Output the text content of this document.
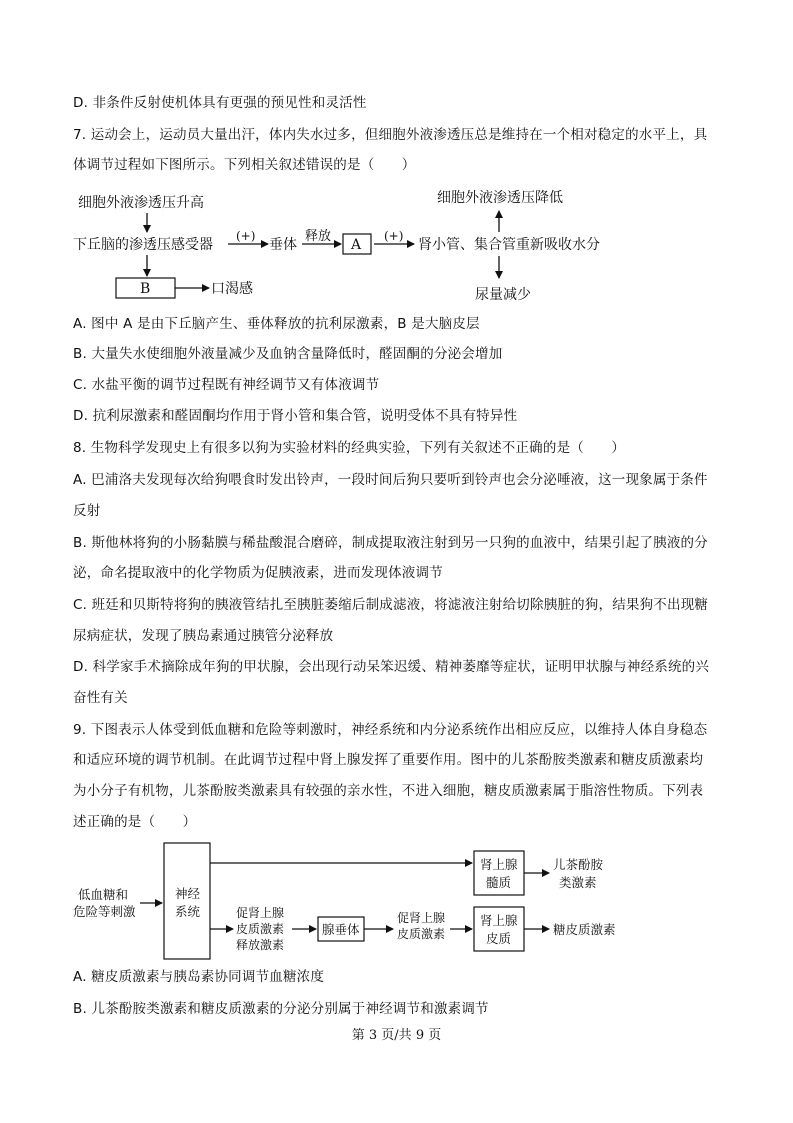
D. 非条件反射使机体具有更强的预见性和灵活性
7. 运动会上，运动员大量出汗，体内失水过多，但细胞外液渗透压总是维持在一个相对稳定的水平上，具
体调节过程如下图所示。下列相关叙述错误的是（　　）
细胞外液渗透压升高
下丘脑的渗透压感受器
(+)
垂体
释放
A
(+)
肾小管、集合管重新吸收水分
细胞外液渗透压降低
尿量减少
B	口渴感
低血糖和
危险等刺激
神经
系统
肾上腺
髓质
儿茶酚胺
类激素
促肾上腺
皮质激素
释放激素
腺垂体
促肾上腺
皮质激素
肾上腺
皮质
糖皮质激素
A. 图中 A 是由下丘脑产生、垂体释放的抗利尿激素，B 是大脑皮层
B. 大量失水使细胞外液量减少及血钠含量降低时，醛固酮的分泌会增加
C. 水盐平衡的调节过程既有神经调节又有体液调节
D. 抗利尿激素和醛固酮均作用于肾小管和集合管，说明受体不具有特异性
8. 生物科学发现史上有很多以狗为实验材料的经典实验，下列有关叙述不正确的是（　　）
A. 巴浦洛夫发现每次给狗喂食时发出铃声，一段时间后狗只要听到铃声也会分泌唾液，这一现象属于条件
反射
B. 斯他林将狗的小肠黏膜与稀盐酸混合磨碎，制成提取液注射到另一只狗的血液中，结果引起了胰液的分
泌，命名提取液中的化学物质为促胰液素，进而发现体液调节
C. 班廷和贝斯特将狗的胰液管结扎至胰脏萎缩后制成滤液，将滤液注射给切除胰脏的狗，结果狗不出现糖
尿病症状，发现了胰岛素通过胰管分泌释放
D. 科学家手术摘除成年狗的甲状腺，会出现行动呆笨迟缓、精神萎靡等症状，证明甲状腺与神经系统的兴
奋性有关
9. 下图表示人体受到低血糖和危险等刺激时，神经系统和内分泌系统作出相应反应，以维持人体自身稳态
和适应环境的调节机制。在此调节过程中肾上腺发挥了重要作用。图中的儿茶酚胺类激素和糖皮质激素均
为小分子有机物，儿茶酚胺类激素具有较强的亲水性，不进入细胞，糖皮质激素属于脂溶性物质。下列表
述正确的是（　　）
A. 糖皮质激素与胰岛素协同调节血糖浓度
B. 儿茶酚胺类激素和糖皮质激素的分泌分别属于神经调节和激素调节
第 3 页/共 9 页
